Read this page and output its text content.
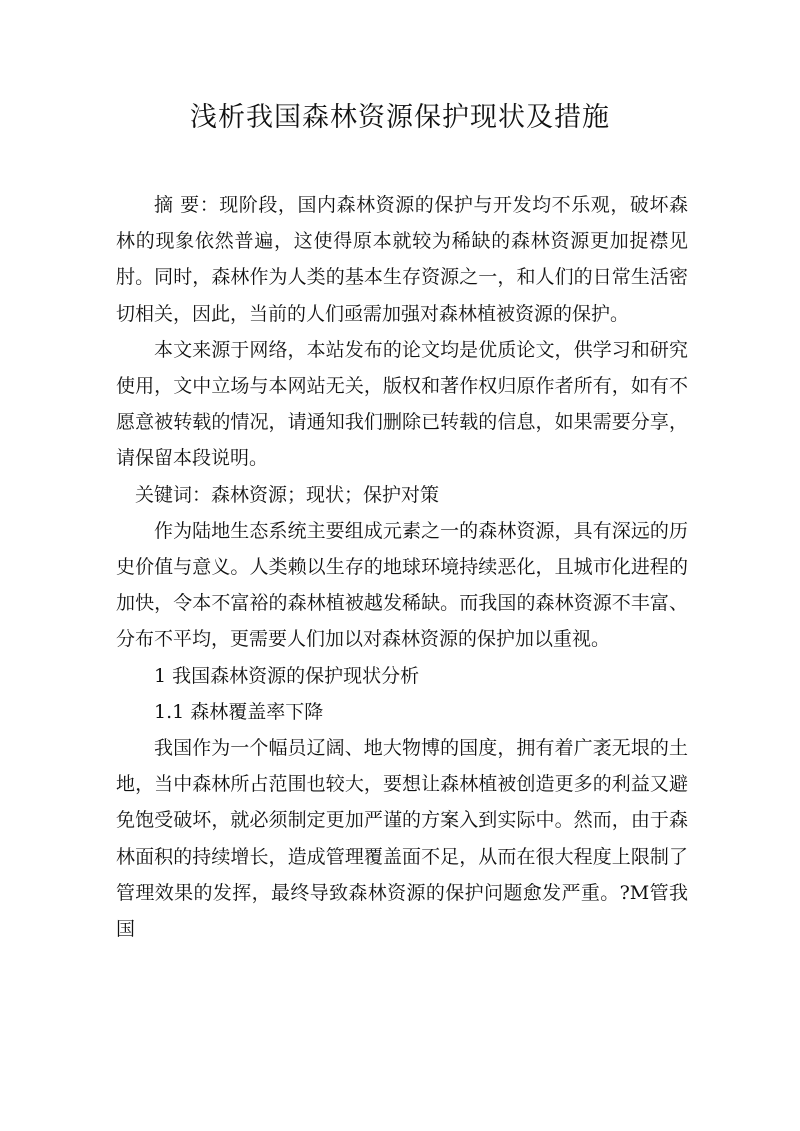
浅析我国森林资源保护现状及措施

摘 要：现阶段，国内森林资源的保护与开发均不乐观，破坏森林的现象依然普遍，这使得原本就较为稀缺的森林资源更加捉襟见肘。同时，森林作为人类的基本生存资源之一，和人们的日常生活密切相关，因此，当前的人们亟需加强对森林植被资源的保护。

本文来源于网络，本站发布的论文均是优质论文，供学习和研究使用，文中立场与本网站无关，版权和著作权归原作者所有，如有不愿意被转载的情况，请通知我们删除已转载的信息，如果需要分享，请保留本段说明。

关键词：森林资源；现状；保护对策

作为陆地生态系统主要组成元素之一的森林资源，具有深远的历史价值与意义。人类赖以生存的地球环境持续恶化，且城市化进程的加快，令本不富裕的森林植被越发稀缺。而我国的森林资源不丰富、分布不平均，更需要人们加以对森林资源的保护加以重视。

1 我国森林资源的保护现状分析

1.1 森林覆盖率下降

我国作为一个幅员辽阔、地大物博的国度，拥有着广袤无垠的土地，当中森林所占范围也较大，要想让森林植被创造更多的利益又避免饱受破坏，就必须制定更加严谨的方案入到实际中。然而，由于森林面积的持续增长，造成管理覆盖面不足，从而在很大程度上限制了管理效果的发挥，最终导致森林资源的保护问题愈发严重。?M管我国
